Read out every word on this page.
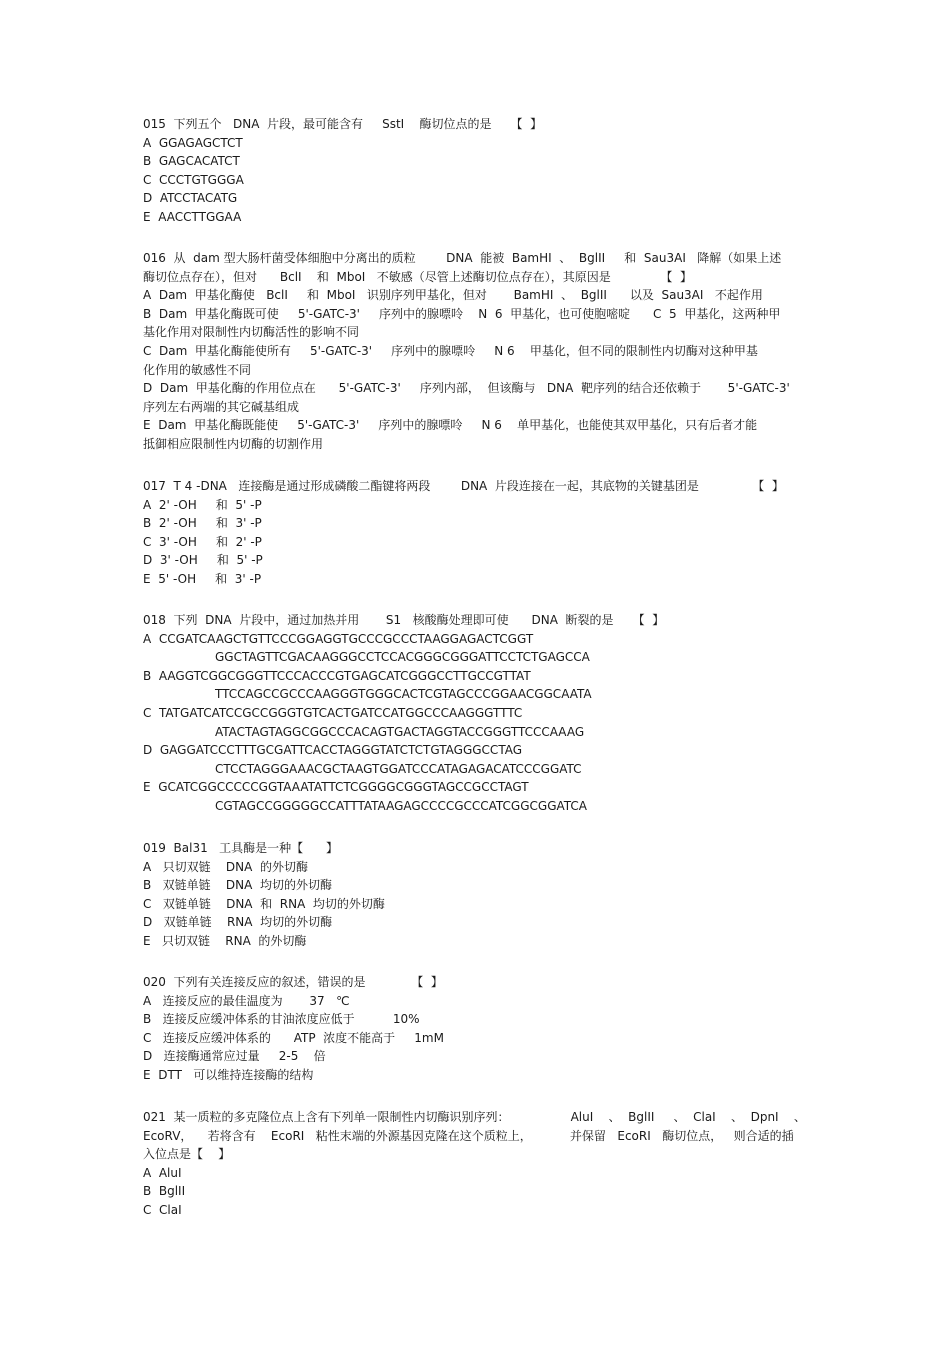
015  下列五个   DNA  片段，最可能含有     SstI    酶切位点的是     【  】
A  GGAGAGCTCT
B  GAGCACATCT
C  CCCTGTGGGA
D  ATCCTACATG
E  AACCTTGGAA
016  从  dam 型大肠杆菌受体细胞中分离出的质粒        DNA  能被  BamHI  、  BglII     和  Sau3AI   降解（如果上述
酶切位点存在），但对      BclI    和  MboI   不敏感（尽管上述酶切位点存在），其原因是             【  】
A  Dam  甲基化酶使   BclI     和  MboI   识别序列甲基化，但对       BamHI  、  BglII      以及  Sau3AI   不起作用
B  Dam  甲基化酶既可使     5'-GATC-3'     序列中的腺嘌呤    N  6  甲基化，也可使胞嘧啶      C  5  甲基化，这两种甲
基化作用对限制性内切酶活性的影响不同
C  Dam  甲基化酶能使所有     5'-GATC-3'     序列中的腺嘌呤     N 6    甲基化，但不同的限制性内切酶对这种甲基
化作用的敏感性不同
D  Dam  甲基化酶的作用位点在      5'-GATC-3'     序列内部，  但该酶与   DNA  靶序列的结合还依赖于       5'-GATC-3'
序列左右两端的其它碱基组成
E  Dam  甲基化酶既能使     5'-GATC-3'     序列中的腺嘌呤     N 6    单甲基化，也能使其双甲基化，只有后者才能
抵御相应限制性内切酶的切割作用
017  T 4 -DNA   连接酶是通过形成磷酸二酯键将两段        DNA  片段连接在一起，其底物的关键基团是              【  】
A  2' -OH     和  5' -P
B  2' -OH     和  3' -P
C  3' -OH     和  2' -P
D  3' -OH     和  5' -P
E  5' -OH     和  3' -P
018  下列  DNA  片段中，通过加热并用       S1   核酸酶处理即可使      DNA  断裂的是     【  】
A  CCGATCAAGCTGTTCCCGGAGGTGCCCGCCCTAAGGAGACTCGGT
GGCTAGTTCGACAAGGGCCTCCACGGGCGGGATTCCTCTGAGCCA
B  AAGGTCGGCGGGTTCCCACCCGTGAGCATCGGGCCTTGCCGTTAT
TTCCAGCCGCCCAAGGGTGGGCACTCGTAGCCCGGAACGGCAATA
C  TATGATCATCCGCCGGGTGTCACTGATCCATGGCCCAAGGGTTTC
ATACTAGTAGGCGGCCCACAGTGACTAGGTACCGGGTTCCCAAAG
D  GAGGATCCCTTTGCGATTCACCTAGGGTATCTCTGTAGGGCCTAG
CTCCTAGGGAAACGCTAAGTGGATCCCATAGAGACATCCCGGATC
E  GCATCGGCCCCCGGTAAATATTCTCGGGGCGGGTAGCCGCCTAGT
CGTAGCCGGGGGCCATTTATAAGAGCCCCGCCCATCGGCGGATCA
019  Bal31   工具酶是一种【      】
A   只切双链    DNA  的外切酶
B   双链单链    DNA  均切的外切酶
C   双链单链    DNA  和  RNA  均切的外切酶
D   双链单链    RNA  均切的外切酶
E   只切双链    RNA  的外切酶
020  下列有关连接反应的叙述，错误的是            【  】
A   连接反应的最佳温度为       37   ℃
B   连接反应缓冲体系的甘油浓度应低于          10%
C   连接反应缓冲体系的      ATP  浓度不能高于     1mM
D   连接酶通常应过量     2-5    倍
E  DTT   可以维持连接酶的结构
021  某一质粒的多克隆位点上含有下列单一限制性内切酶识别序列：                AluI    、  BglII     、  ClaI    、  DpnI    、
EcoRV，    若将含有    EcoRI   粘性末端的外源基因克隆在这个质粒上，          并保留   EcoRI   酶切位点，   则合适的插
入位点是【    】
A  AluI
B  BglII
C  ClaI
